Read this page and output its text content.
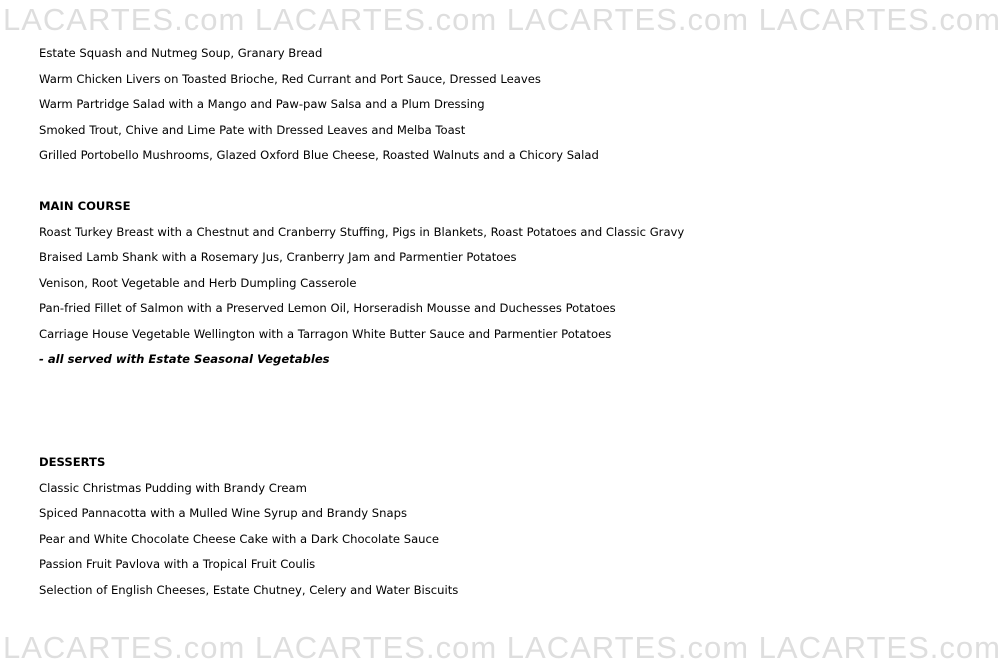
LACARTES.com LACARTES.com LACARTES.com LACARTES.com
Estate Squash and Nutmeg Soup, Granary Bread
Warm Chicken Livers on Toasted Brioche, Red Currant and Port Sauce, Dressed Leaves
Warm Partridge Salad with a Mango and Paw-paw Salsa and a Plum Dressing
Smoked Trout, Chive and Lime Pate with Dressed Leaves and Melba Toast
Grilled Portobello Mushrooms, Glazed Oxford Blue Cheese, Roasted Walnuts and a Chicory Salad
MAIN COURSE
Roast Turkey Breast with a Chestnut and Cranberry Stuffing, Pigs in Blankets, Roast Potatoes and Classic Gravy
Braised Lamb Shank with a Rosemary Jus, Cranberry Jam and Parmentier Potatoes
Venison, Root Vegetable and Herb Dumpling Casserole
Pan-fried Fillet of Salmon with a Preserved Lemon Oil, Horseradish Mousse and Duchesses Potatoes
Carriage House Vegetable Wellington with a Tarragon White Butter Sauce and Parmentier Potatoes
- all served with Estate Seasonal Vegetables
DESSERTS
Classic Christmas Pudding with Brandy Cream
Spiced Pannacotta with a Mulled Wine Syrup and Brandy Snaps
Pear and White Chocolate Cheese Cake with a Dark Chocolate Sauce
Passion Fruit Pavlova with a Tropical Fruit Coulis
Selection of English Cheeses, Estate Chutney, Celery and Water Biscuits
LACARTES.com LACARTES.com LACARTES.com LACARTES.com
